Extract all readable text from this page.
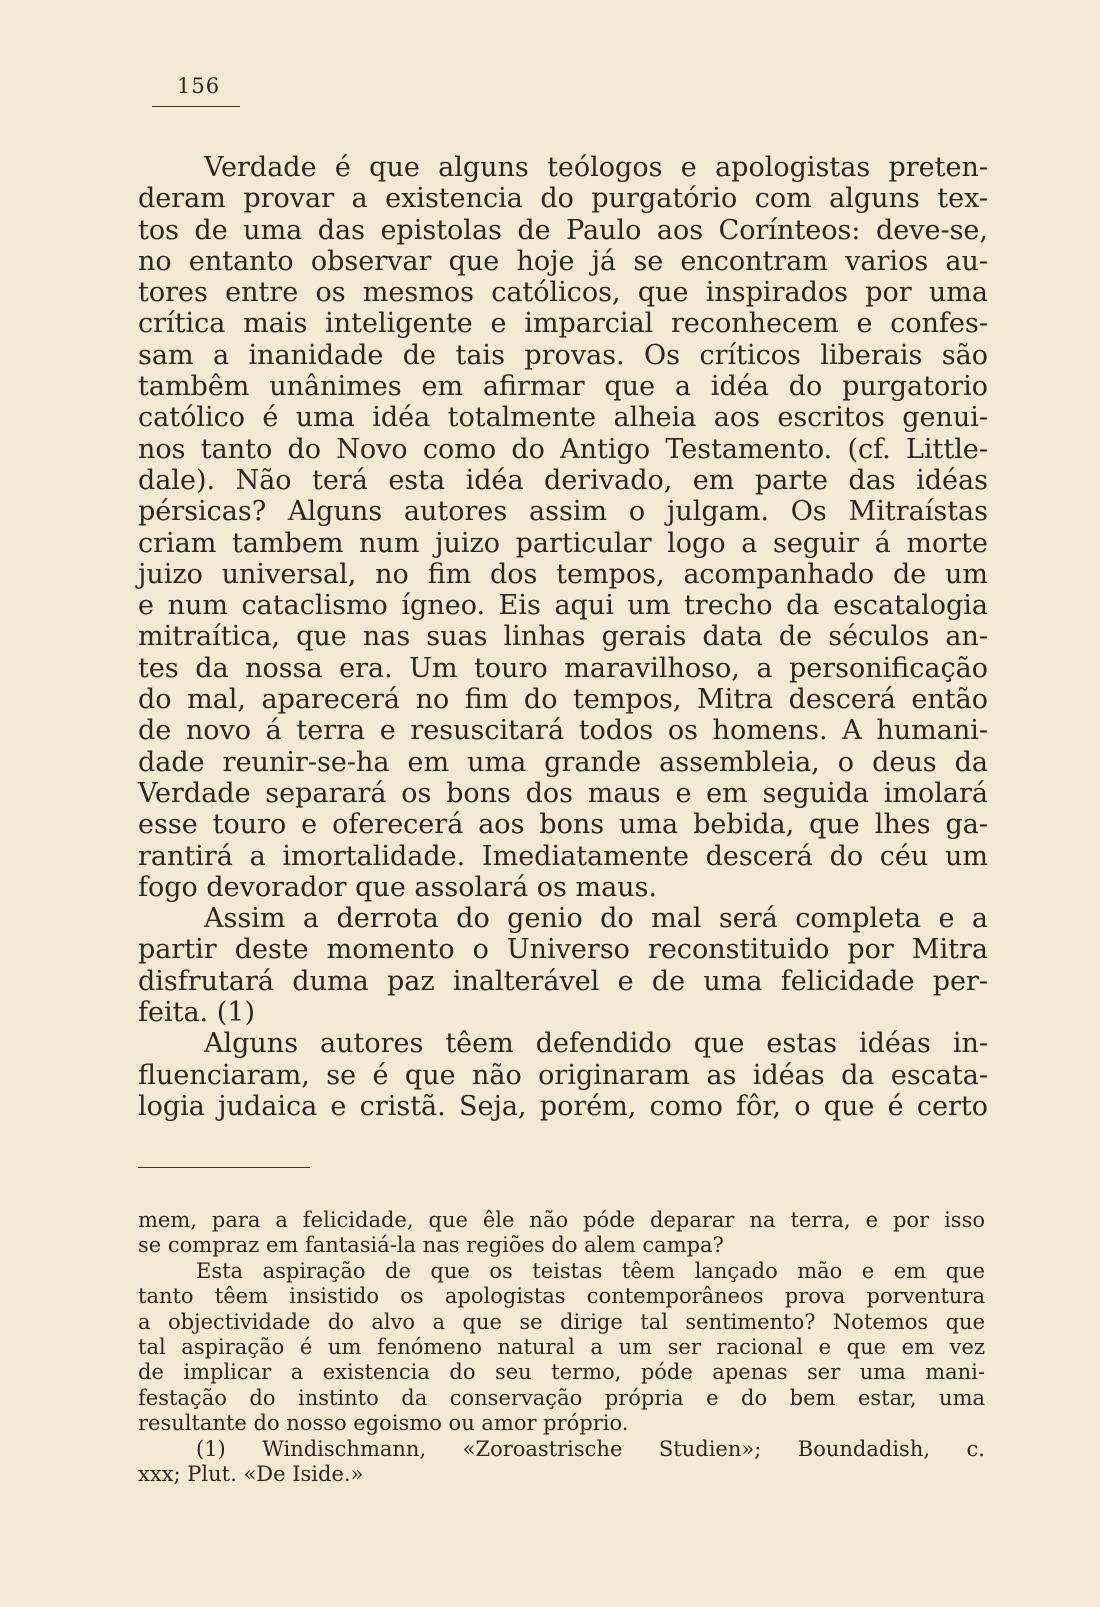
156
Verdade é que alguns teólogos e apologistas preten-
deram provar a existencia do purgatório com alguns tex-
tos de uma das epistolas de Paulo aos Coríntеos: deve-se,
no entanto observar que hoje já se encontram varios au-
tores entre os mesmos católicos, que inspirados por uma
crítica mais inteligente e imparcial reconhecem e confes-
sam a inanidade de tais provas. Os críticos liberais são
tambêm unânimes em afirmar que a idéa do purgatorio
católico é uma idéa totalmente alheia aos escritos genui-
nos tanto do Novo como do Antigo Testamento. (cf. Little-
dale). Não terá esta idéa derivado, em parte das idéas
pérsicas? Alguns autores assim o julgam. Os Mitraístas
criam tambem num juizo particular logo a seguir á morte
juizo universal, no fim dos tempos, acompanhado de um
e num cataclismo ígneo. Eis aqui um trecho da escatalogia
mitraítica, que nas suas linhas gerais data de séculos an-
tes da nossa era. Um touro maravilhoso, a personificação
do mal, aparecerá no fim do tempos, Mitra descerá então
de novo á terra e resuscitará todos os homens. A humani-
dade reunir-se-ha em uma grande assembleia, o deus da
Verdade separará os bons dos maus e em seguida imolará
esse touro e oferecerá aos bons uma bebida, que lhes ga-
rantirá a imortalidade. Imediatamente descerá do céu um
fogo devorador que assolará os maus.
Assim a derrota do genio do mal será completa e a
partir deste momento o Universo reconstituido por Mitra
disfrutará duma paz inalterável e de uma felicidade per-
feita. (1)
Alguns autores têem defendido que estas idéas in-
fluenciaram, se é que não originaram as idéas da escata-
logia judaica e cristã. Seja, porém, como fôr, o que é certo
mem, para a felicidade, que êle não póde deparar na terra, e por isso
se compraz em fantasiá-la nas regiões do alem campa?
Esta aspiração de que os teistas têem lançado mão e em que
tanto têem insistido os apologistas contemporâneos prova porventura
a objectividade do alvo a que se dirige tal sentimento? Notemos que
tal aspiração é um fenómeno natural a um ser racional e que em vez
de implicar a existencia do seu termo, póde apenas ser uma mani-
festação do instinto da conservação própria e do bem estar, uma
resultante do nosso egoismo ou amor próprio.
(1) Windischmann, «Zoroastrische Studien»; Boundadish, c.
xxx; Plut. «De Iside.»
